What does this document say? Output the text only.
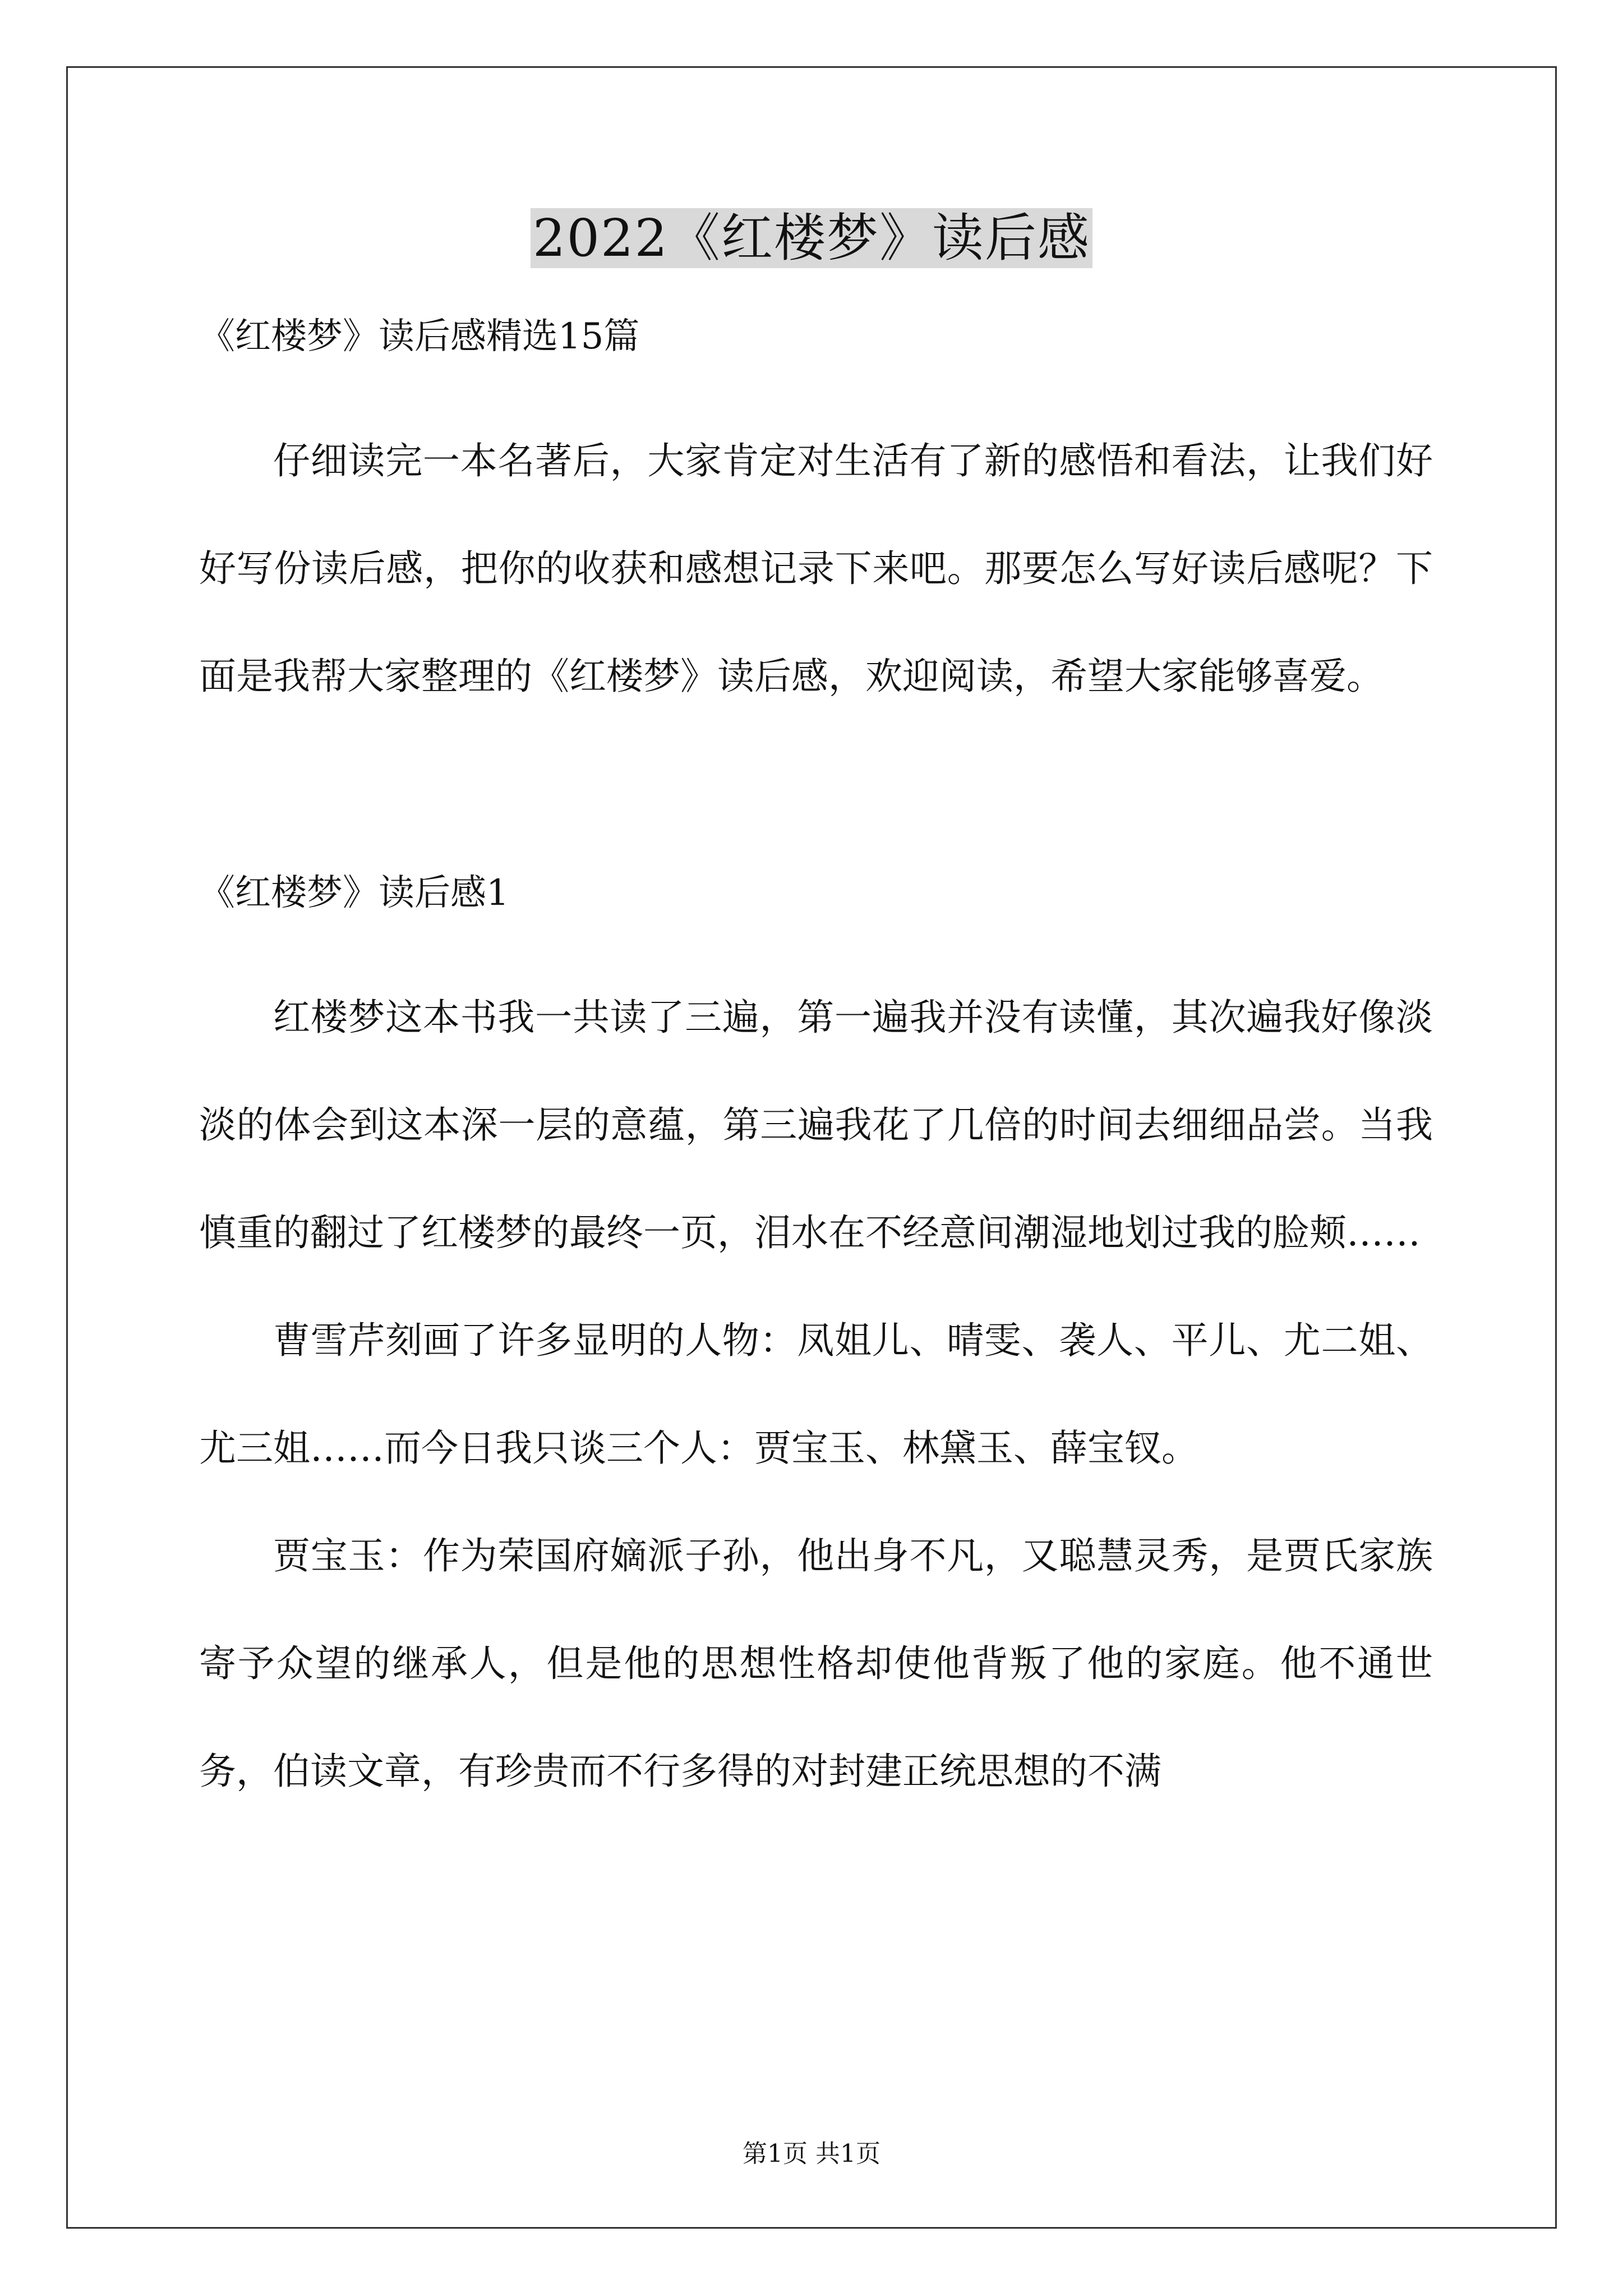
2022《红楼梦》读后感

《红楼梦》读后感精选15篇

仔细读完一本名著后，大家肯定对生活有了新的感悟和看法，让我们好好写份读后感，把你的收获和感想记录下来吧。那要怎么写好读后感呢？下面是我帮大家整理的《红楼梦》读后感，欢迎阅读，希望大家能够喜爱。

《红楼梦》读后感1

红楼梦这本书我一共读了三遍，第一遍我并没有读懂，其次遍我好像淡淡的体会到这本深一层的意蕴，第三遍我花了几倍的时间去细细品尝。当我慎重的翻过了红楼梦的最终一页，泪水在不经意间潮湿地划过我的脸颊……

曹雪芹刻画了许多显明的人物：凤姐儿、晴雯、袭人、平儿、尤二姐、尤三姐……而今日我只谈三个人：贾宝玉、林黛玉、薛宝钗。

贾宝玉：作为荣国府嫡派子孙，他出身不凡，又聪慧灵秀，是贾氏家族寄予众望的继承人，但是他的思想性格却使他背叛了他的家庭。他不通世务，伯读文章，有珍贵而不行多得的对封建正统思想的不满

第1页 共1页
